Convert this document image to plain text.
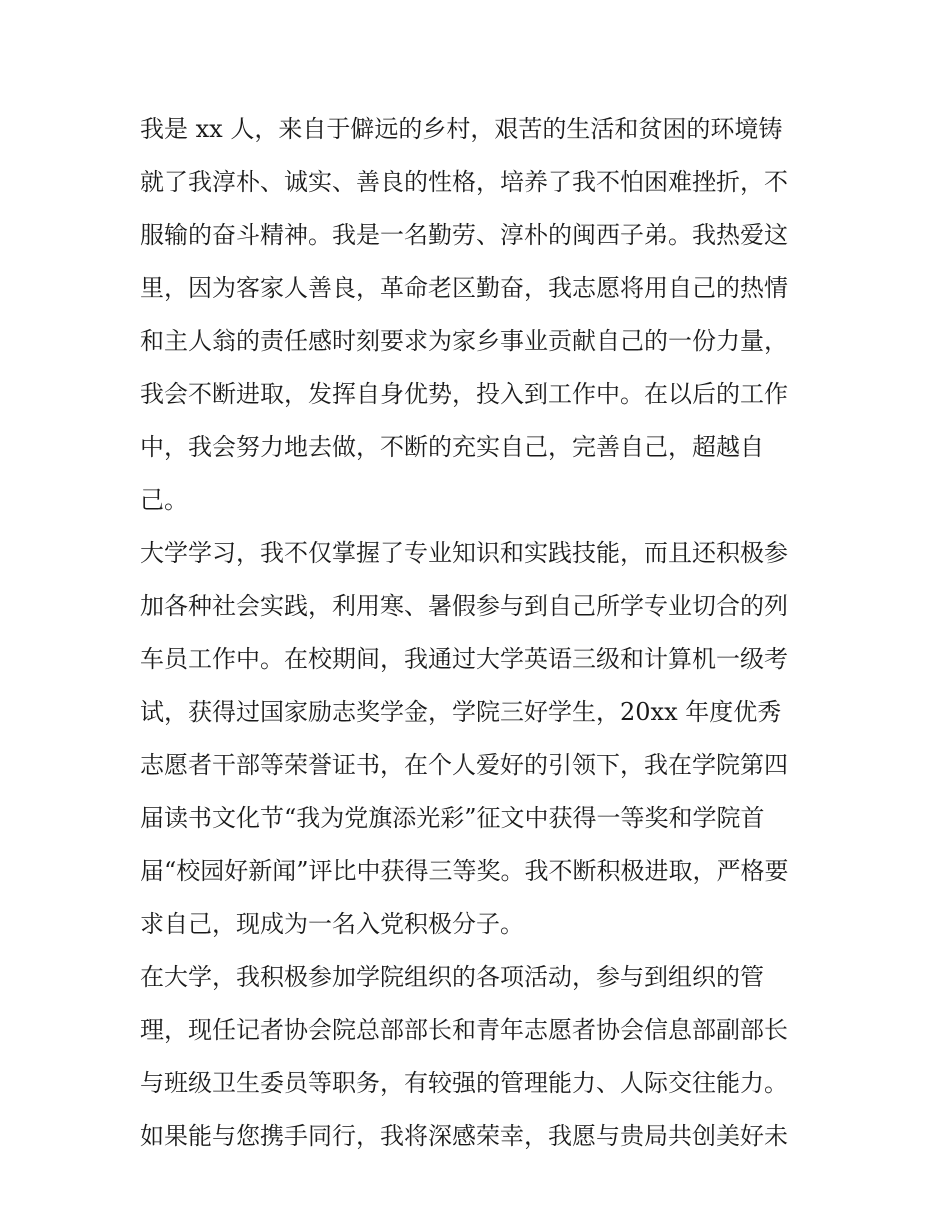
我是 xx 人，来自于僻远的乡村，艰苦的生活和贫困的环境铸
就了我淳朴、诚实、善良的性格，培养了我不怕困难挫折，不
服输的奋斗精神。我是一名勤劳、淳朴的闽西子弟。我热爱这
里，因为客家人善良，革命老区勤奋，我志愿将用自己的热情
和主人翁的责任感时刻要求为家乡事业贡献自己的一份力量，
我会不断进取，发挥自身优势，投入到工作中。在以后的工作
中，我会努力地去做，不断的充实自己，完善自己，超越自
己。
大学学习，我不仅掌握了专业知识和实践技能，而且还积极参
加各种社会实践，利用寒、暑假参与到自己所学专业切合的列
车员工作中。在校期间，我通过大学英语三级和计算机一级考
试，获得过国家励志奖学金，学院三好学生，20xx 年度优秀
志愿者干部等荣誉证书，在个人爱好的引领下，我在学院第四
届读书文化节“我为党旗添光彩”征文中获得一等奖和学院首
届“校园好新闻”评比中获得三等奖。我不断积极进取，严格要
求自己，现成为一名入党积极分子。
在大学，我积极参加学院组织的各项活动，参与到组织的管
理，现任记者协会院总部部长和青年志愿者协会信息部副部长
与班级卫生委员等职务，有较强的管理能力、人际交往能力。
如果能与您携手同行，我将深感荣幸，我愿与贵局共创美好未
